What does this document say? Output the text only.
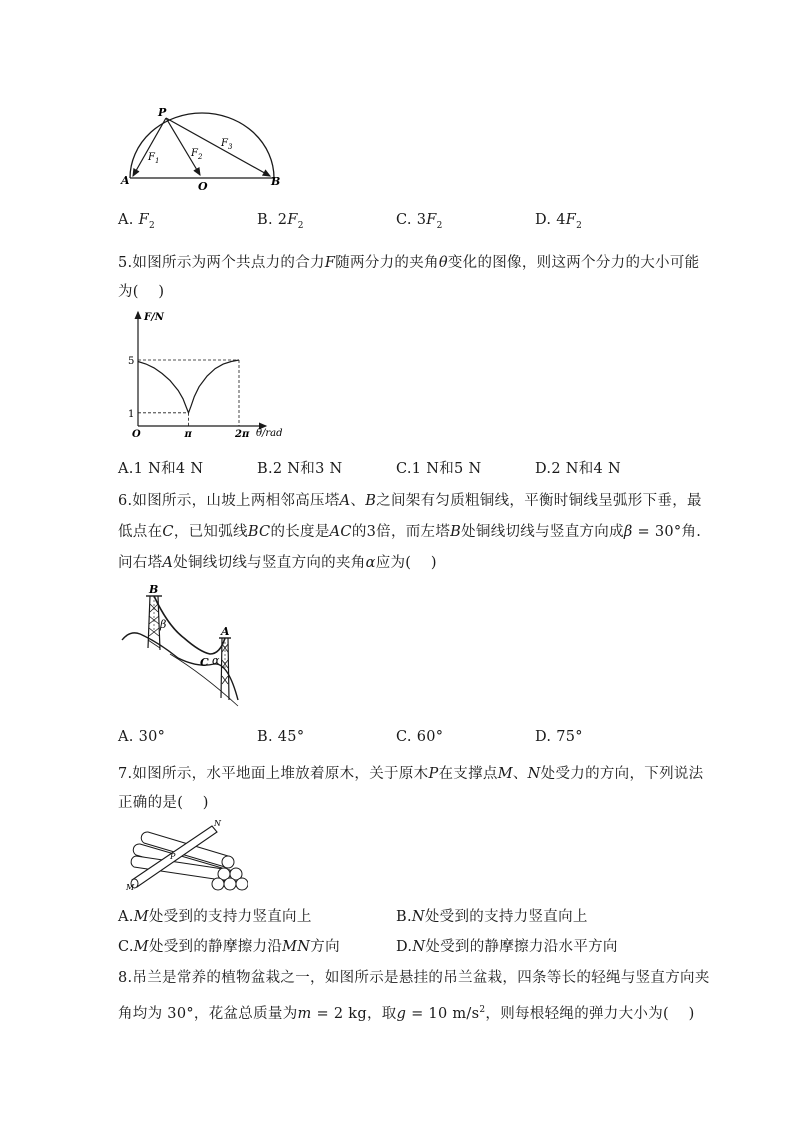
P
A	O	B
$F_1$
$F_2$
$F_3$
A. $F_2$	B. $2F_2$	C. $3F_2$	D. $4F_2$
5.如图所示为两个共点力的合力F随两分力的夹角θ变化的图像，则这两个分力的大小可能
为(    )
F/N
θ/rad
O	π	2π
1
5
A.1 N和4 N	B.2 N和3 N	C.1 N和5 N	D.2 N和4 N
6.如图所示，山坡上两相邻高压塔A、B之间架有匀质粗铜线，平衡时铜线呈弧形下垂，最
低点在C，已知弧线BC的长度是AC的3倍，而左塔B处铜线切线与竖直方向成β = 30°角.
问右塔A处铜线切线与竖直方向的夹角α应为(    )
B
A
C
β
α
A. 30°	B. 45°	C. 60°	D. 75°
7.如图所示，水平地面上堆放着原木，关于原木P在支撑点M、N处受力的方向，下列说法
正确的是(    )
N
P
M
A.M处受到的支持力竖直向上	B.N处受到的支持力竖直向上
C.M处受到的静摩擦力沿MN方向	D.N处受到的静摩擦力沿水平方向
8.吊兰是常养的植物盆栽之一，如图所示是悬挂的吊兰盆栽，四条等长的轻绳与竖直方向夹
角均为 30°，花盆总质量为m = 2 kg，取g = 10 $m/s^2$，则每根轻绳的弹力大小为(    )
